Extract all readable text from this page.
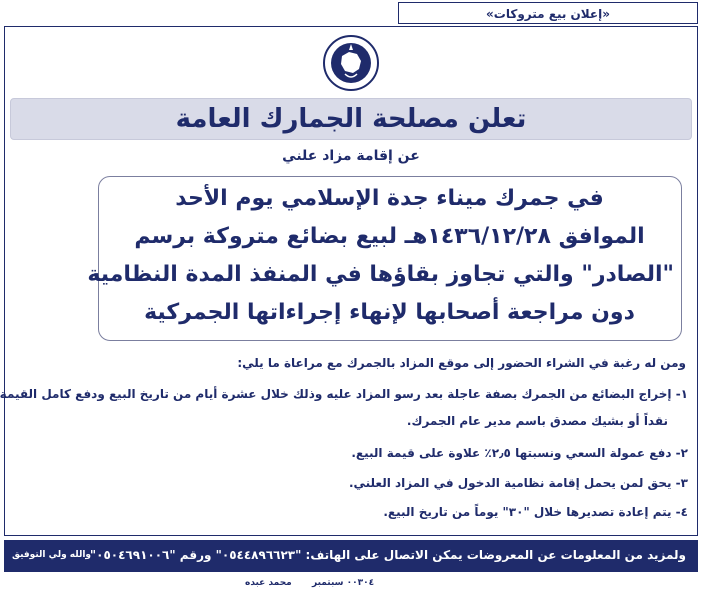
«إعلان بيع متروكات»
تعلن مصلحة الجمارك العامة
عن إقامة مزاد علني
في جمرك ميناء جدة الإسلامي يوم الأحد
الموافق ١٤٣٦/١٢/٢٨هـ لبيع بضائع متروكة برسم
"الصادر" والتي تجاوز بقاؤها في المنفذ المدة النظامية
دون مراجعة أصحابها لإنهاء إجراءاتها الجمركية
ومن له رغبة في الشراء الحضور إلى موقع المزاد بالجمرك مع مراعاة ما يلي:
١- إخراج البضائع من الجمرك بصفة عاجلة بعد رسو المزاد عليه وذلك خلال عشرة أيام من تاريخ البيع ودفع كامل القيمة
نقداً أو بشيك مصدق باسم مدير عام الجمرك.
٢- دفع عمولة السعي ونسبتها ٢٫٥٪ علاوة على قيمة البيع.
٣- يحق لمن يحمل إقامة نظامية الدخول في المزاد العلني.
٤- يتم إعادة تصديرها خلال "٣٠" يوماً من تاريخ البيع.
ولمزيد من المعلومات عن المعروضات يمكن الاتصال على الهاتف: "٠٥٤٤٨٩٦٦٢٣" ورقم "٠٥٠٤٦٩١٠٠٦"
والله ولي التوفيق
٠٠٣٠٤ سبتمبر
محمد عبده
